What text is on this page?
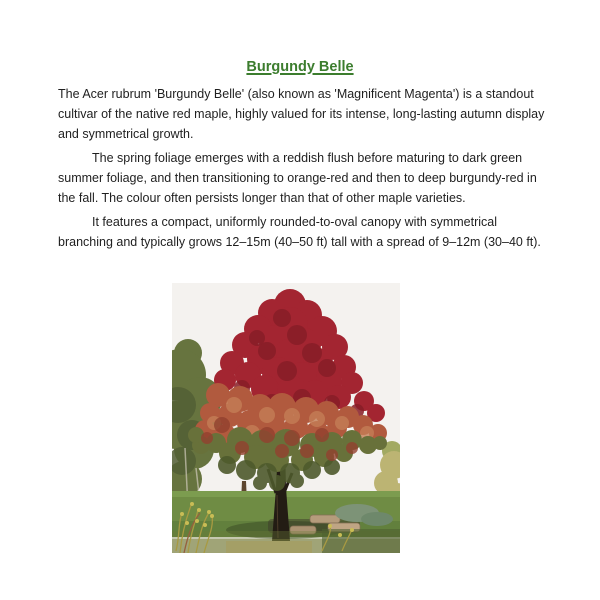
Burgundy Belle

The Acer rubrum 'Burgundy Belle' (also known as 'Magnificent Magenta') is a standout cultivar of the native red maple, highly valued for its intense, long-lasting autumn display and symmetrical growth.

The spring foliage emerges with a reddish flush before maturing to dark green summer foliage, and then transitioning to orange-red and then to deep burgundy-red in the fall. The colour often persists longer than that of other maple varieties.

It features a compact, uniformly rounded-to-oval canopy with symmetrical branching and typically grows 12–15m (40–50 ft) tall with a spread of 9–12m (30–40 ft).
